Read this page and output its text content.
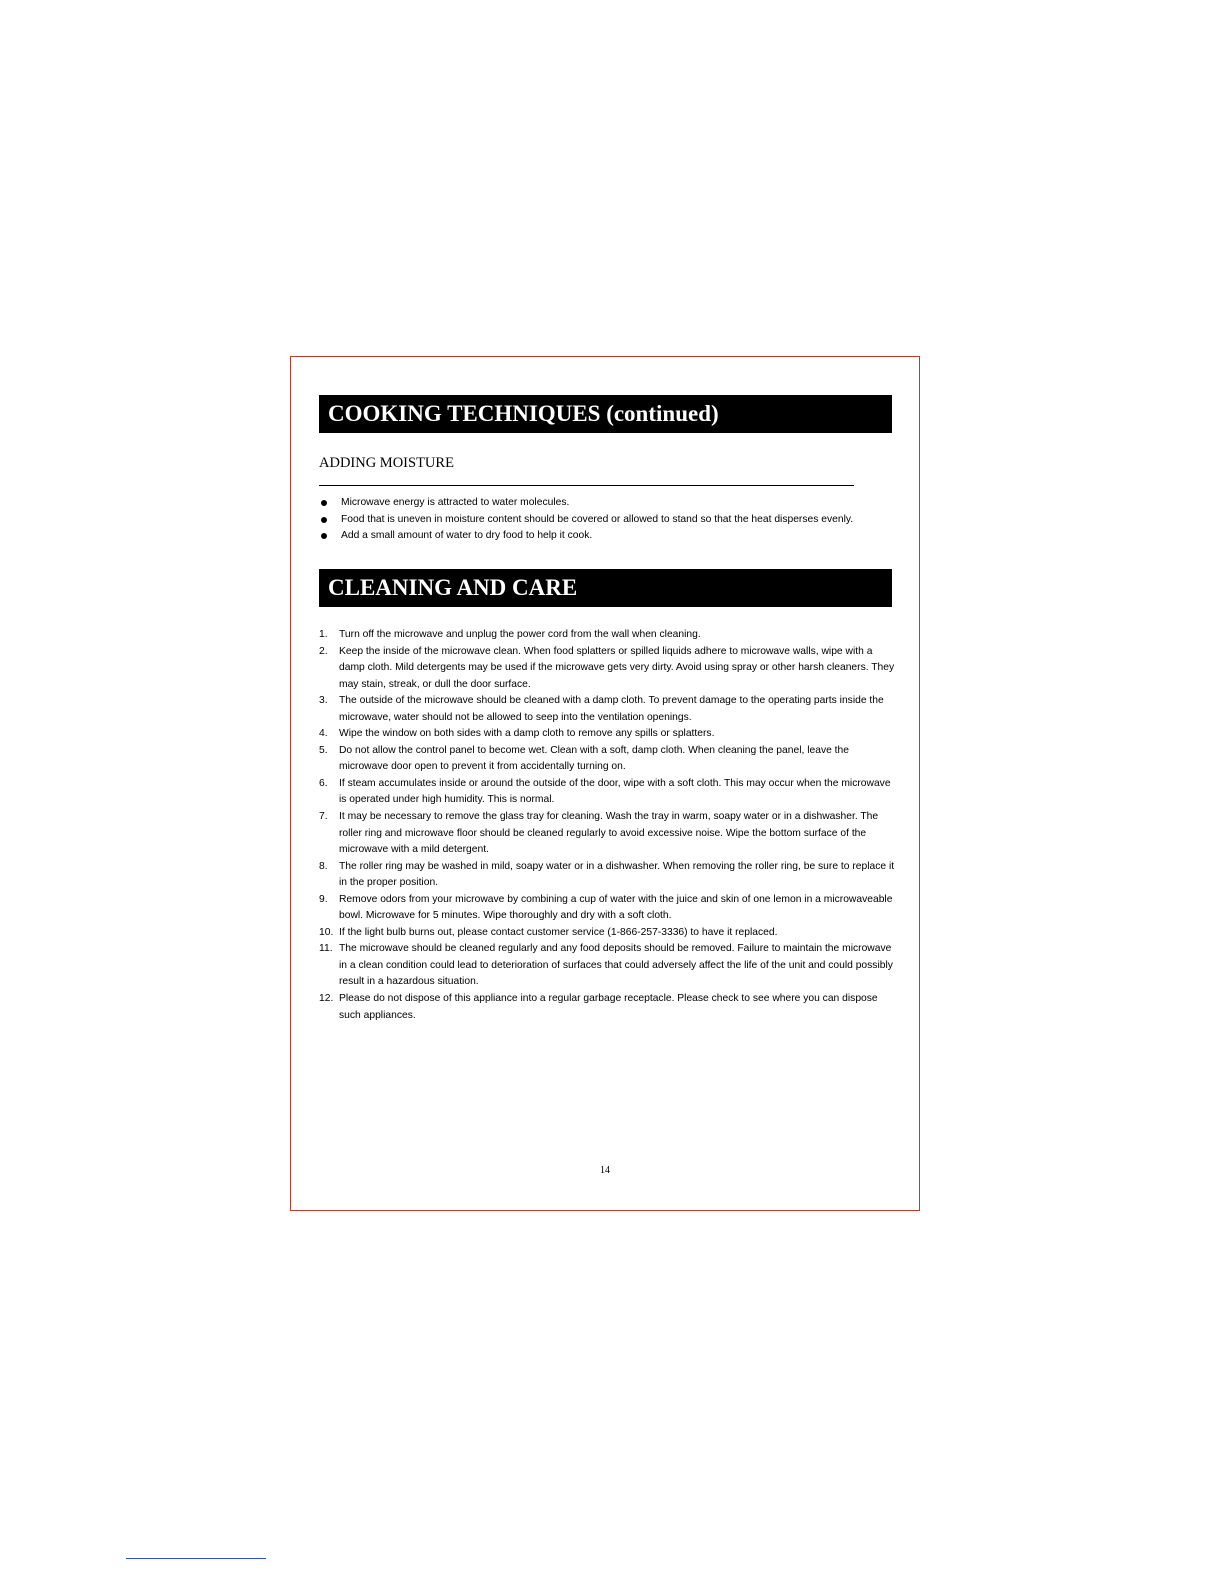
COOKING TECHNIQUES (continued)
ADDING MOISTURE
Microwave energy is attracted to water molecules.
Food that is uneven in moisture content should be covered or allowed to stand so that the heat disperses evenly.
Add a small amount of water to dry food to help it cook.
CLEANING AND CARE
1. Turn off the microwave and unplug the power cord from the wall when cleaning.
2. Keep the inside of the microwave clean. When food splatters or spilled liquids adhere to microwave walls, wipe with a damp cloth. Mild detergents may be used if the microwave gets very dirty. Avoid using spray or other harsh cleaners. They may stain, streak, or dull the door surface.
3. The outside of the microwave should be cleaned with a damp cloth. To prevent damage to the operating parts inside the microwave, water should not be allowed to seep into the ventilation openings.
4. Wipe the window on both sides with a damp cloth to remove any spills or splatters.
5. Do not allow the control panel to become wet. Clean with a soft, damp cloth. When cleaning the panel, leave the microwave door open to prevent it from accidentally turning on.
6. If steam accumulates inside or around the outside of the door, wipe with a soft cloth. This may occur when the microwave is operated under high humidity. This is normal.
7. It may be necessary to remove the glass tray for cleaning. Wash the tray in warm, soapy water or in a dishwasher. The roller ring and microwave floor should be cleaned regularly to avoid excessive noise. Wipe the bottom surface of the microwave with a mild detergent.
8. The roller ring may be washed in mild, soapy water or in a dishwasher. When removing the roller ring, be sure to replace it in the proper position.
9. Remove odors from your microwave by combining a cup of water with the juice and skin of one lemon in a microwaveable bowl. Microwave for 5 minutes. Wipe thoroughly and dry with a soft cloth.
10. If the light bulb burns out, please contact customer service (1-866-257-3336) to have it replaced.
11. The microwave should be cleaned regularly and any food deposits should be removed. Failure to maintain the microwave in a clean condition could lead to deterioration of surfaces that could adversely affect the life of the unit and could possibly result in a hazardous situation.
12. Please do not dispose of this appliance into a regular garbage receptacle. Please check to see where you can dispose such appliances.
14
